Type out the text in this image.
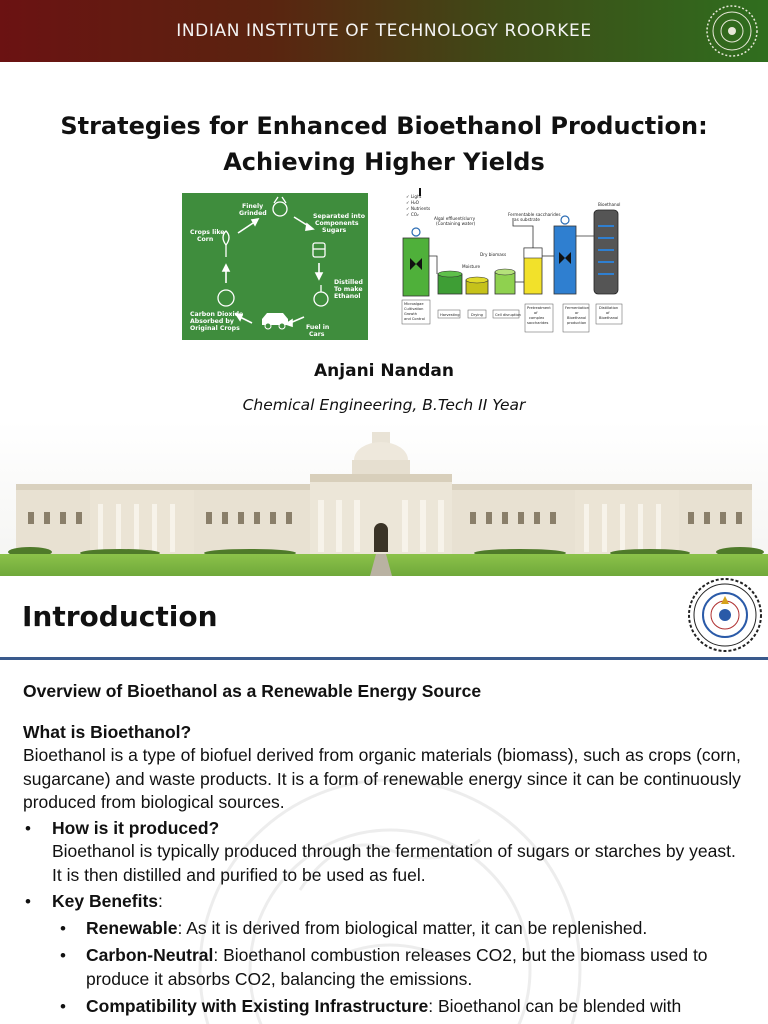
INDIAN INSTITUTE OF TECHNOLOGY ROORKEE
Strategies for Enhanced Bioethanol Production:
Achieving Higher Yields
Finely
Grinded	Separated into
Components
Sugars
Crops like
Corn
Distilled
To make
Ethanol
Carbon Dioxide
Absorbed by
Original Crops	Fuel in
Cars
✓ Light
✓ H₂O
✓ Nutrients
✓ CO₂
Algal effluent/slurry
(Containing water)
Moisture
Dry biomass
Fermentable saccharides
as substrate
Bioethanol
Microalgae
Cultivation
Growth
and Control
Harvesting	Drying	Cell disruption
Pretreatment
of
complex
saccharides
Fermentation
or
Bioethanol
production
Distillation
of
Bioethanol
Anjani Nandan
Chemical Engineering, B.Tech II Year
Introduction
Overview of Bioethanol as a Renewable Energy Source
What is Bioethanol?
Bioethanol is a type of biofuel derived from organic materials (biomass), such as crops (corn, sugarcane) and waste products. It is a form of renewable energy since it can be continuously produced from biological sources.
• How is it produced?
Bioethanol is typically produced through the fermentation of sugars or starches by yeast. It is then distilled and purified to be used as fuel.
• Key Benefits:
• Renewable: As it is derived from biological matter, it can be replenished.
• Carbon-Neutral: Bioethanol combustion releases CO2, but the biomass used to produce it absorbs CO2, balancing the emissions.
• Compatibility with Existing Infrastructure: Bioethanol can be blended with
